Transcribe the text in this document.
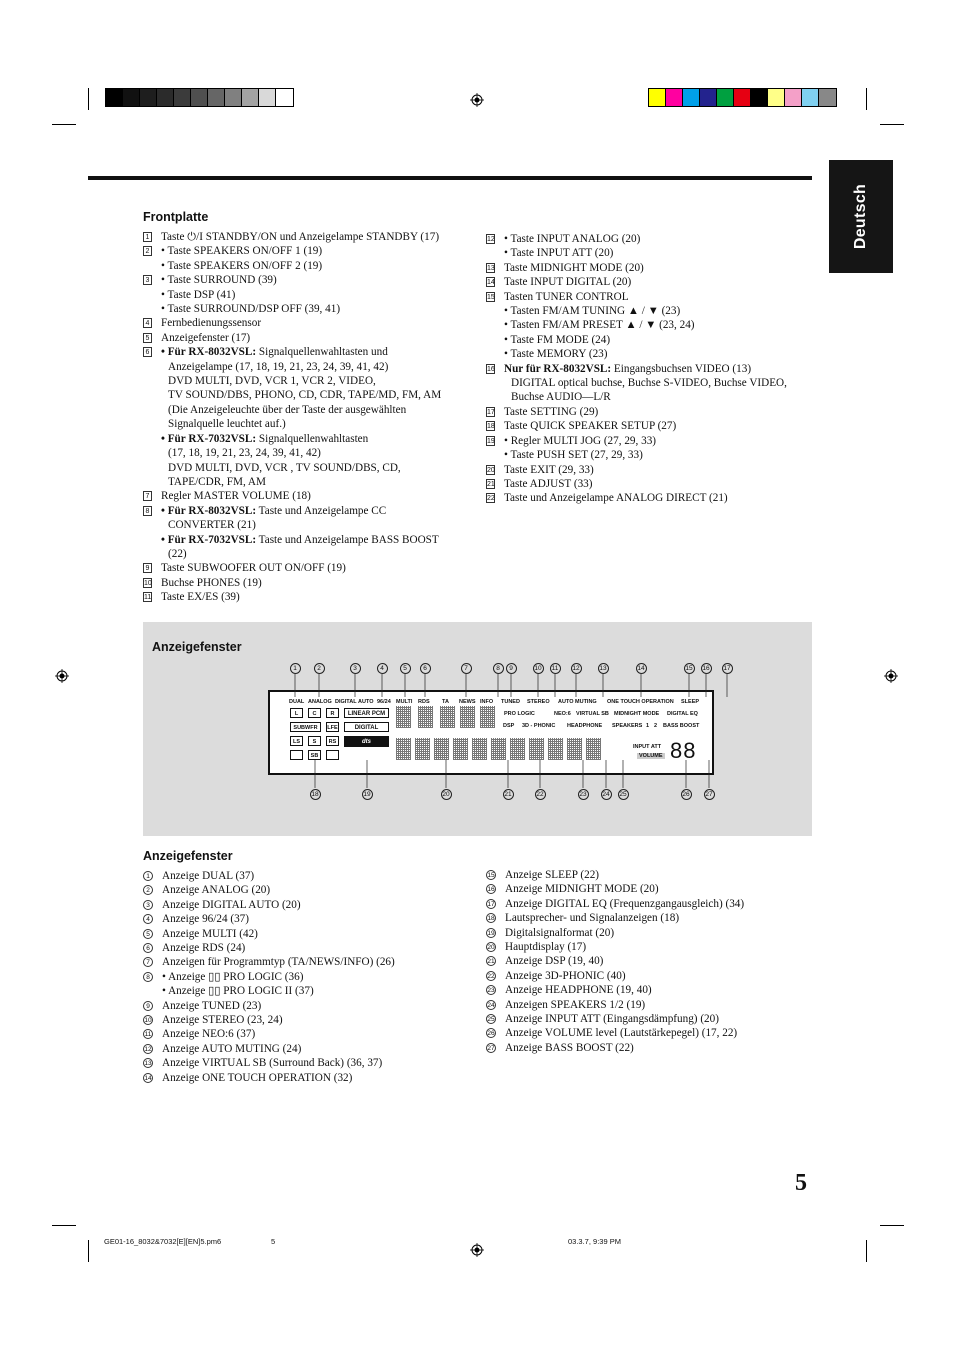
Deutsch
Frontplatte
1 Taste ⏻/I STANDBY/ON und Anzeigelampe STANDBY (17)
2 • Taste SPEAKERS ON/OFF 1 (19)
• Taste SPEAKERS ON/OFF 2 (19)
3 • Taste SURROUND (39)
• Taste DSP (41)
• Taste SURROUND/DSP OFF (39, 41)
4 Fernbedienungssensor
5 Anzeigefenster (17)
6 • Für RX-8032VSL: Signalquellenwahltasten und
Anzeigelampe (17, 18, 19, 21, 23, 24, 39, 41, 42)
DVD MULTI, DVD, VCR 1, VCR 2, VIDEO,
TV SOUND/DBS, PHONO, CD, CDR, TAPE/MD, FM, AM
(Die Anzeigeleuchte über der Taste der ausgewählten
Signalquelle leuchtet auf.)
• Für RX-7032VSL: Signalquellenwahltasten
(17, 18, 19, 21, 23, 24, 39, 41, 42)
DVD MULTI, DVD, VCR , TV SOUND/DBS, CD,
TAPE/CDR, FM, AM
7 Regler MASTER VOLUME (18)
8 • Für RX-8032VSL: Taste und Anzeigelampe CC
CONVERTER (21)
• Für RX-7032VSL: Taste und Anzeigelampe BASS BOOST
(22)
9 Taste SUBWOOFER OUT ON/OFF (19)
10 Buchse PHONES (19)
11 Taste EX/ES (39)
12 • Taste INPUT ANALOG (20)
• Taste INPUT ATT (20)
13 Taste MIDNIGHT MODE (20)
14 Taste INPUT DIGITAL (20)
15 Tasten TUNER CONTROL
• Tasten FM/AM TUNING ▲ / ▼ (23)
• Tasten FM/AM PRESET ▲ / ▼ (23, 24)
• Taste FM MODE (24)
• Taste MEMORY (23)
16 Nur für RX-8032VSL: Eingangsbuchsen VIDEO (13)
DIGITAL optical buchse, Buchse S-VIDEO, Buchse VIDEO,
Buchse AUDIO—L/R
17 Taste SETTING (29)
18 Taste QUICK SPEAKER SETUP (27)
19 • Regler MULTI JOG (27, 29, 33)
• Taste PUSH SET (27, 29, 33)
20 Taste EXIT (29, 33)
21 Taste ADJUST (33)
22 Taste und Anzeigelampe ANALOG DIRECT (21)
Anzeigefenster
DUAL ANALOG DIGITAL AUTO 96/24 MULTI RDS TA NEWS INFO TUNED STEREO AUTO MUTING ONE TOUCH OPERATION SLEEP
L	C	R
SUBWFR	LFE
LS	S	RS
SB
LINEAR PCM
DIGITAL
dts
PRO LOGIC	NEO:6 VIRTUAL SB MIDNIGHT MODE DIGITAL EQ
DSP 3D - PHONIC HEADPHONE SPEAKERS 1 2 BASS BOOST
INPUT ATT
VOLUME 88
1	2	3	4	5	6	7	8	9	10	11	12	13	14	15 16 17
18	19	20	21	22	23 24 25	26 27
Anzeigefenster
1 Anzeige DUAL (37)
2 Anzeige ANALOG (20)
3 Anzeige DIGITAL AUTO (20)
4 Anzeige 96/24 (37)
5 Anzeige MULTI (42)
6 Anzeige RDS (24)
7 Anzeigen für Programmtyp (TA/NEWS/INFO) (26)
8 • Anzeige ▯▯ PRO LOGIC (36)
• Anzeige ▯▯ PRO LOGIC II (37)
9 Anzeige TUNED (23)
10 Anzeige STEREO (23, 24)
11 Anzeige NEO:6 (37)
12 Anzeige AUTO MUTING (24)
13 Anzeige VIRTUAL SB (Surround Back) (36, 37)
14 Anzeige ONE TOUCH OPERATION (32)
15 Anzeige SLEEP (22)
16 Anzeige MIDNIGHT MODE (20)
17 Anzeige DIGITAL EQ (Frequenzgangausgleich) (34)
18 Lautsprecher- und Signalanzeigen (18)
19 Digitalsignalformat (20)
20 Hauptdisplay (17)
21 Anzeige DSP (19, 40)
22 Anzeige 3D-PHONIC (40)
23 Anzeige HEADPHONE (19, 40)
24 Anzeigen SPEAKERS 1/2 (19)
25 Anzeige INPUT ATT (Eingangsdämpfung) (20)
26 Anzeige VOLUME level (Lautstärkepegel) (17, 22)
27 Anzeige BASS BOOST (22)
5
GE01-16_8032&7032[E][EN]5.pm6	5	03.3.7, 9:39 PM
